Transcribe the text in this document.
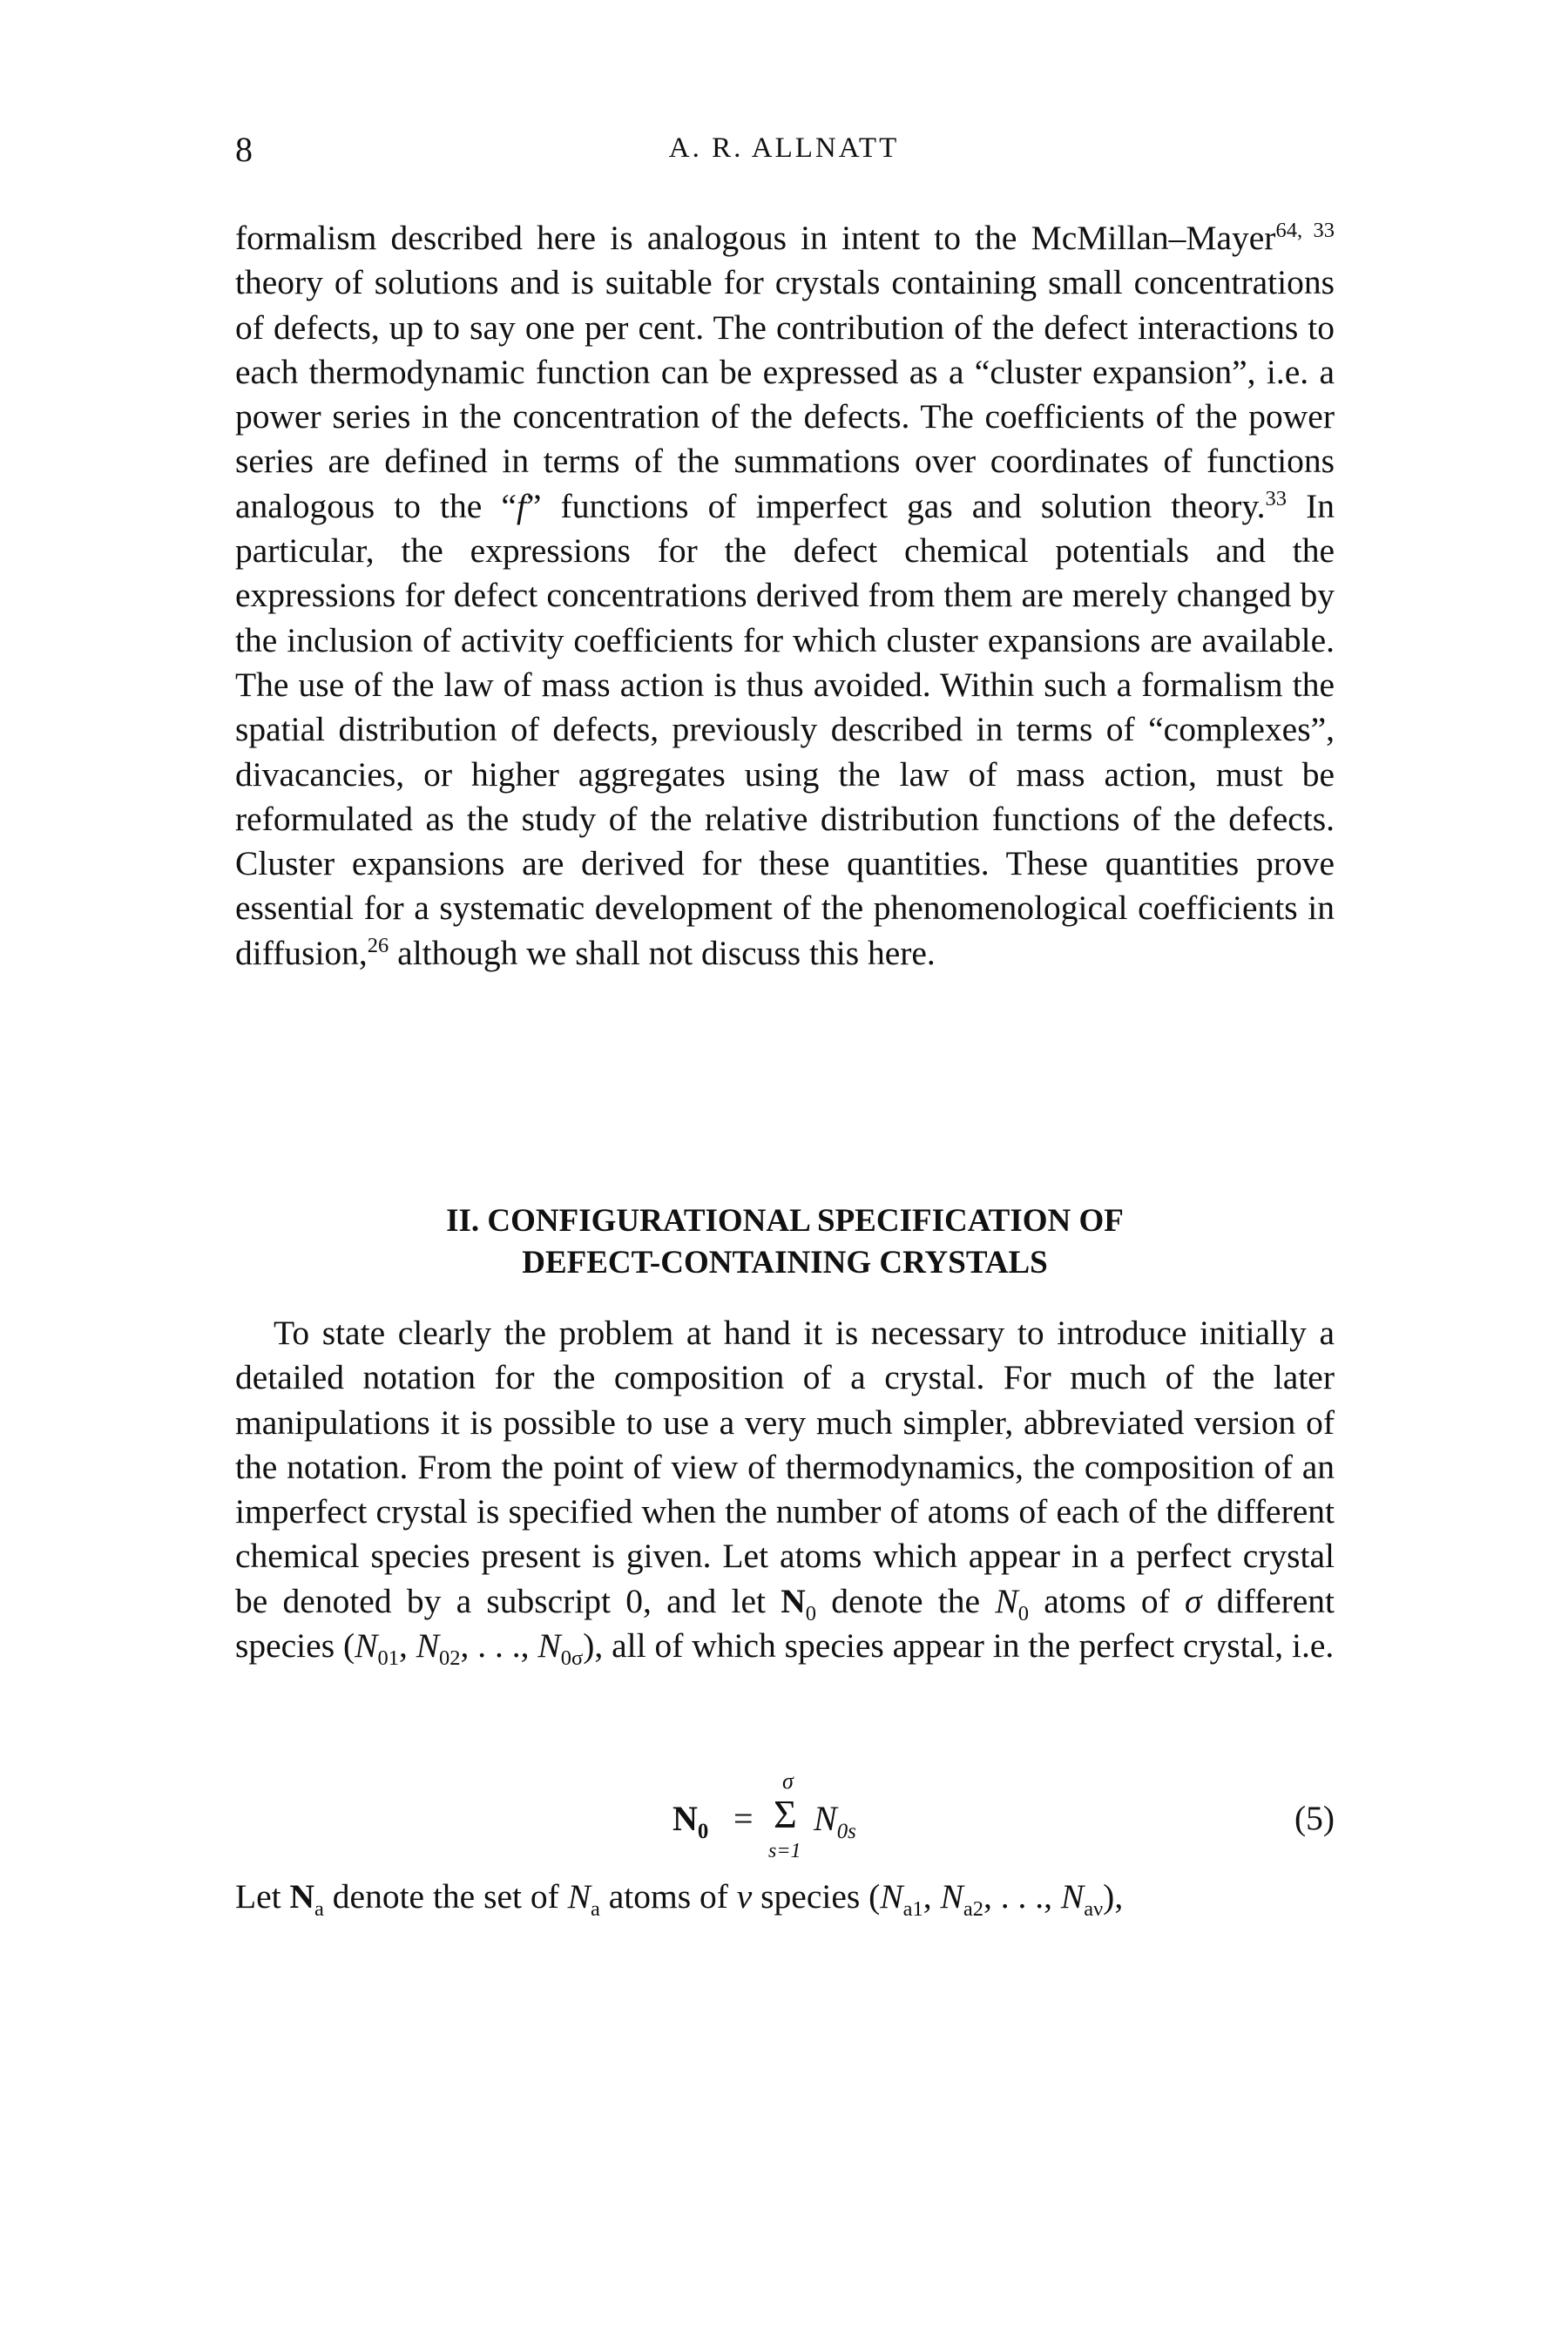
8	A. R. ALLNATT

formalism described here is analogous in intent to the McMillan–Mayer$^{64, 33}$ theory of solutions and is suitable for crystals containing small concentrations of defects, up to say one per cent. The contribution of the defect interactions to each thermodynamic function can be expressed as a “cluster expansion”, i.e. a power series in the concentration of the defects. The coefficients of the power series are defined in terms of the summations over coordinates of functions analogous to the “f” functions of imperfect gas and solution theory.$^{33}$ In particular, the expressions for the defect chemical potentials and the expressions for defect concentrations derived from them are merely changed by the inclusion of activity coefficients for which cluster expansions are available. The use of the law of mass action is thus avoided. Within such a formalism the spatial distribution of defects, previously described in terms of “complexes”, divacancies, or higher aggregates using the law of mass action, must be reformulated as the study of the relative distribution functions of the defects. Cluster expansions are derived for these quantities. These quantities prove essential for a systematic development of the phenomenological coefficients in diffusion,$^{26}$ although we shall not discuss this here.

II. CONFIGURATIONAL SPECIFICATION OF
DEFECT-CONTAINING CRYSTALS

To state clearly the problem at hand it is necessary to introduce initially a detailed notation for the composition of a crystal. For much of the later manipulations it is possible to use a very much simpler, abbreviated version of the notation. From the point of view of thermodynamics, the composition of an imperfect crystal is specified when the number of atoms of each of the different chemical species present is given. Let atoms which appear in a perfect crystal be denoted by a subscript 0, and let $N_0$ denote the $N_0$ atoms of σ different species ($N_{01}$, $N_{02}$, . . ., $N_{0\sigma}$), all of which species appear in the perfect crystal, i.e.

$N_0$ =
σ
Σ
s=1
$N_{0s}$	(5)

Let $N_a$ denote the set of $N_a$ atoms of ν species ($N_{a1}$, $N_{a2}$, . . ., $N_{a\nu}$),
